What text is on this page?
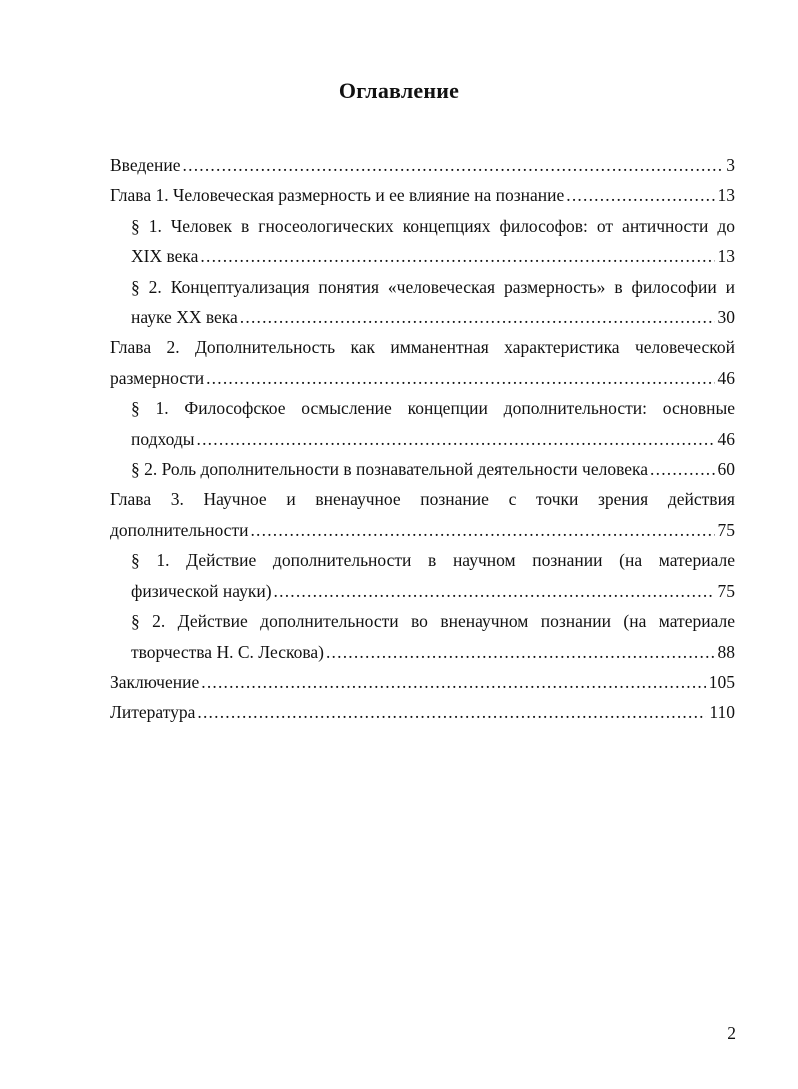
Оглавление
Введение .....	3
Глава 1. Человеческая размерность и ее влияние на познание .....	13
§ 1. Человек в гносеологических концепциях философов: от античности до
XIX века .....	13
§ 2. Концептуализация понятия «человеческая размерность» в философии и
науке XX века .....	30
Глава 2. Дополнительность как имманентная характеристика человеческой
размерности .....	46
§ 1. Философское осмысление концепции дополнительности: основные
подходы .....	46
§ 2. Роль дополнительности в познавательной деятельности человека .....	60
Глава 3. Научное и вненаучное познание с точки зрения действия
дополнительности .....	75
§ 1. Действие дополнительности в научном познании (на материале
физической науки) .....	75
§ 2. Действие дополнительности во вненаучном познании (на материале
творчества Н. С. Лескова) .....	88
Заключение .....	105
Литература .....	110
2
